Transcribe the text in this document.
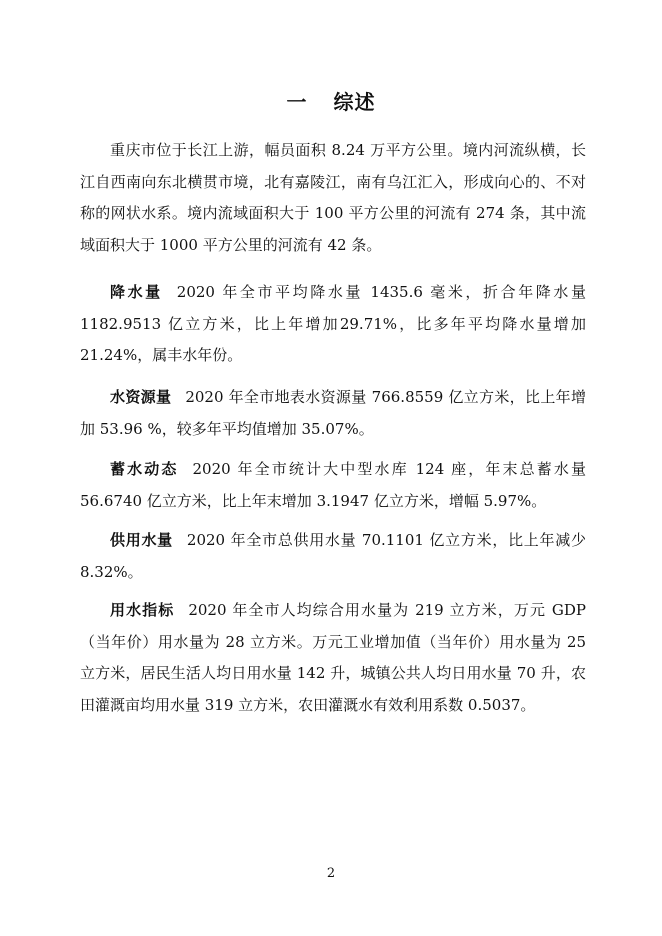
一 综述

重庆市位于长江上游，幅员面积 8.24 万平方公里。境内河流纵横，长江自西南向东北横贯市境，北有嘉陵江，南有乌江汇入，形成向心的、不对称的网状水系。境内流域面积大于 100 平方公里的河流有 274 条，其中流域面积大于 1000 平方公里的河流有 42 条。

降水量 2020 年全市平均降水量 1435.6 毫米，折合年降水量 1182.9513 亿立方米，比上年增加29.71%，比多年平均降水量增加21.24%，属丰水年份。

水资源量 2020 年全市地表水资源量 766.8559 亿立方米，比上年增加 53.96 %，较多年平均值增加 35.07%。

蓄水动态 2020 年全市统计大中型水库 124 座，年末总蓄水量 56.6740 亿立方米，比上年末增加 3.1947 亿立方米，增幅 5.97%。

供用水量 2020 年全市总供用水量 70.1101 亿立方米，比上年减少 8.32%。

用水指标 2020 年全市人均综合用水量为 219 立方米，万元 GDP（当年价）用水量为 28 立方米。万元工业增加值（当年价）用水量为 25 立方米，居民生活人均日用水量 142 升，城镇公共人均日用水量 70 升，农田灌溉亩均用水量 319 立方米，农田灌溉水有效利用系数 0.5037。

2
